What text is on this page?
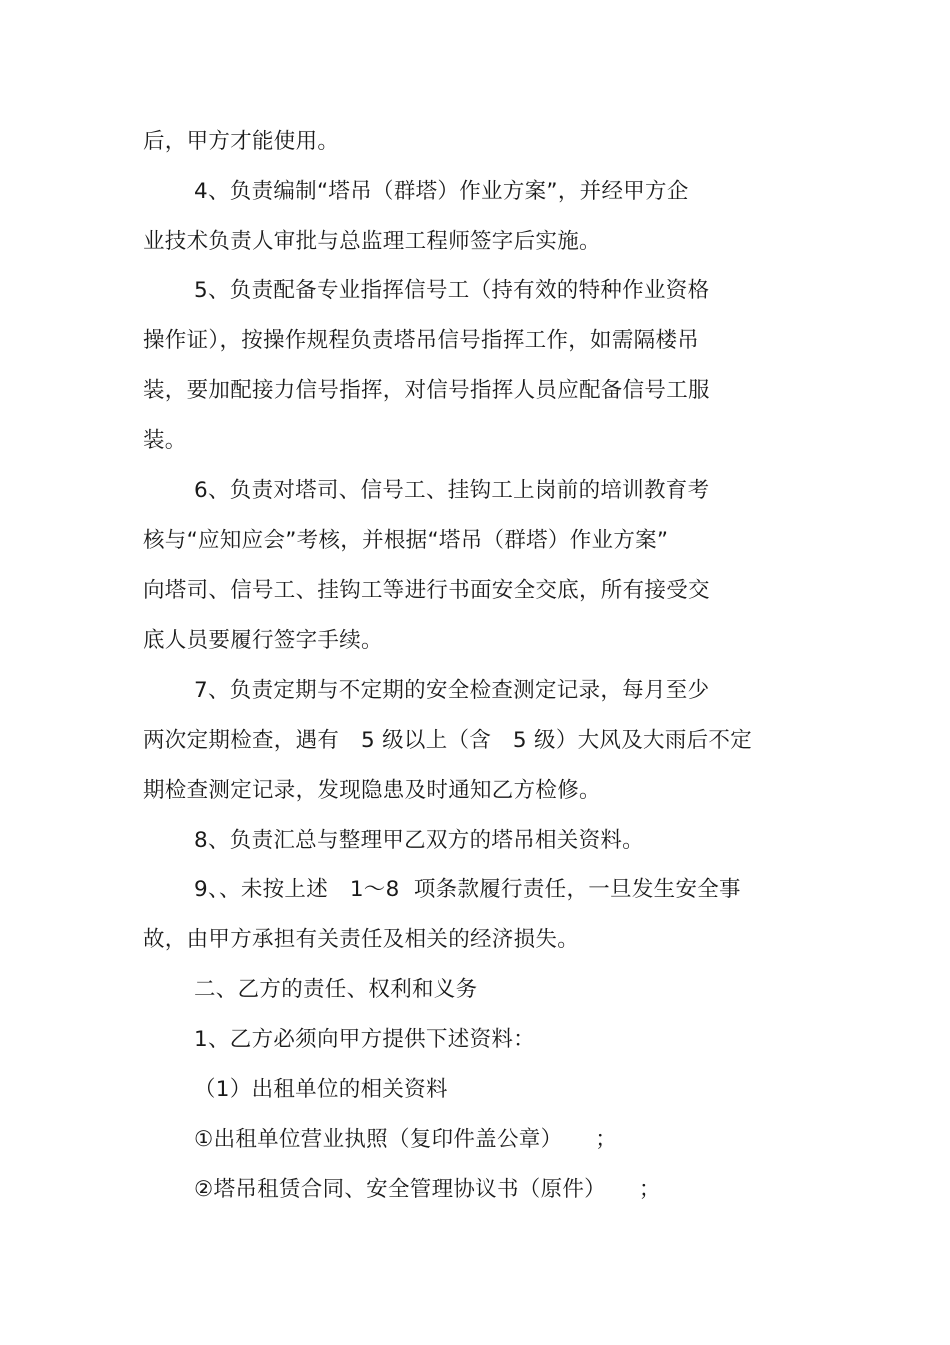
后，甲方才能使用。
4、负责编制“塔吊（群塔）作业方案”，并经甲方企
业技术负责人审批与总监理工程师签字后实施。
5、负责配备专业指挥信号工（持有效的特种作业资格
操作证），按操作规程负责塔吊信号指挥工作，如需隔楼吊
装，要加配接力信号指挥，对信号指挥人员应配备信号工服
装。
6、负责对塔司、信号工、挂钩工上岗前的培训教育考
核与“应知应会”考核，并根据“塔吊（群塔）作业方案”
向塔司、信号工、挂钩工等进行书面安全交底，所有接受交
底人员要履行签字手续。
7、负责定期与不定期的安全检查测定记录，每月至少
两次定期检查，遇有　5 级以上（含　5 级）大风及大雨后不定
期检查测定记录，发现隐患及时通知乙方检修。
8、负责汇总与整理甲乙双方的塔吊相关资料。
9、、未按上述　1～8  项条款履行责任，一旦发生安全事
故，由甲方承担有关责任及相关的经济损失。
二、乙方的责任、权利和义务
1、乙方必须向甲方提供下述资料：
（1）出租单位的相关资料
①出租单位营业执照（复印件盖公章）　　；
②塔吊租赁合同、安全管理协议书（原件）　　；
